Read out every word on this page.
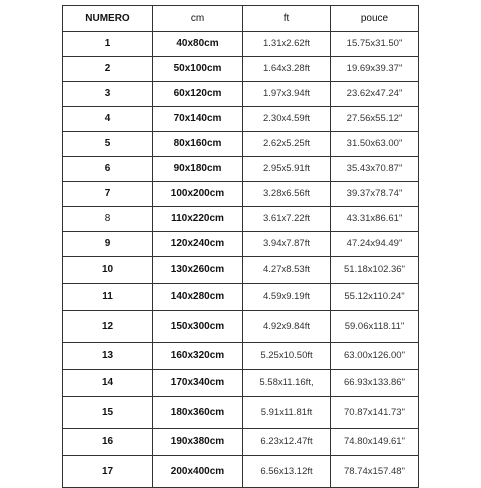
NUMERO	cm	ft	pouce
1	40x80cm	1.31x2.62ft	15.75x31.50"
2	50x100cm	1.64x3.28ft	19.69x39.37"
3	60x120cm	1.97x3.94ft	23.62x47.24"
4	70x140cm	2.30x4.59ft	27.56x55.12"
5	80x160cm	2.62x5.25ft	31.50x63.00"
6	90x180cm	2.95x5.91ft	35.43x70.87"
7	100x200cm	3.28x6.56ft	39.37x78.74"
8	110x220cm	3.61x7.22ft	43.31x86.61"
9	120x240cm	3.94x7.87ft	47.24x94.49"
10	130x260cm	4.27x8.53ft	51.18x102.36"
11	140x280cm	4.59x9.19ft	55.12x110.24"
12	150x300cm	4.92x9.84ft	59.06x118.11"
13	160x320cm	5.25x10.50ft	63.00x126.00"
14	170x340cm	5.58x11.16ft,	66.93x133.86"
15	180x360cm	5.91x11.81ft	70.87x141.73"
16	190x380cm	6.23x12.47ft	74.80x149.61"
17	200x400cm	6.56x13.12ft	78.74x157.48"
